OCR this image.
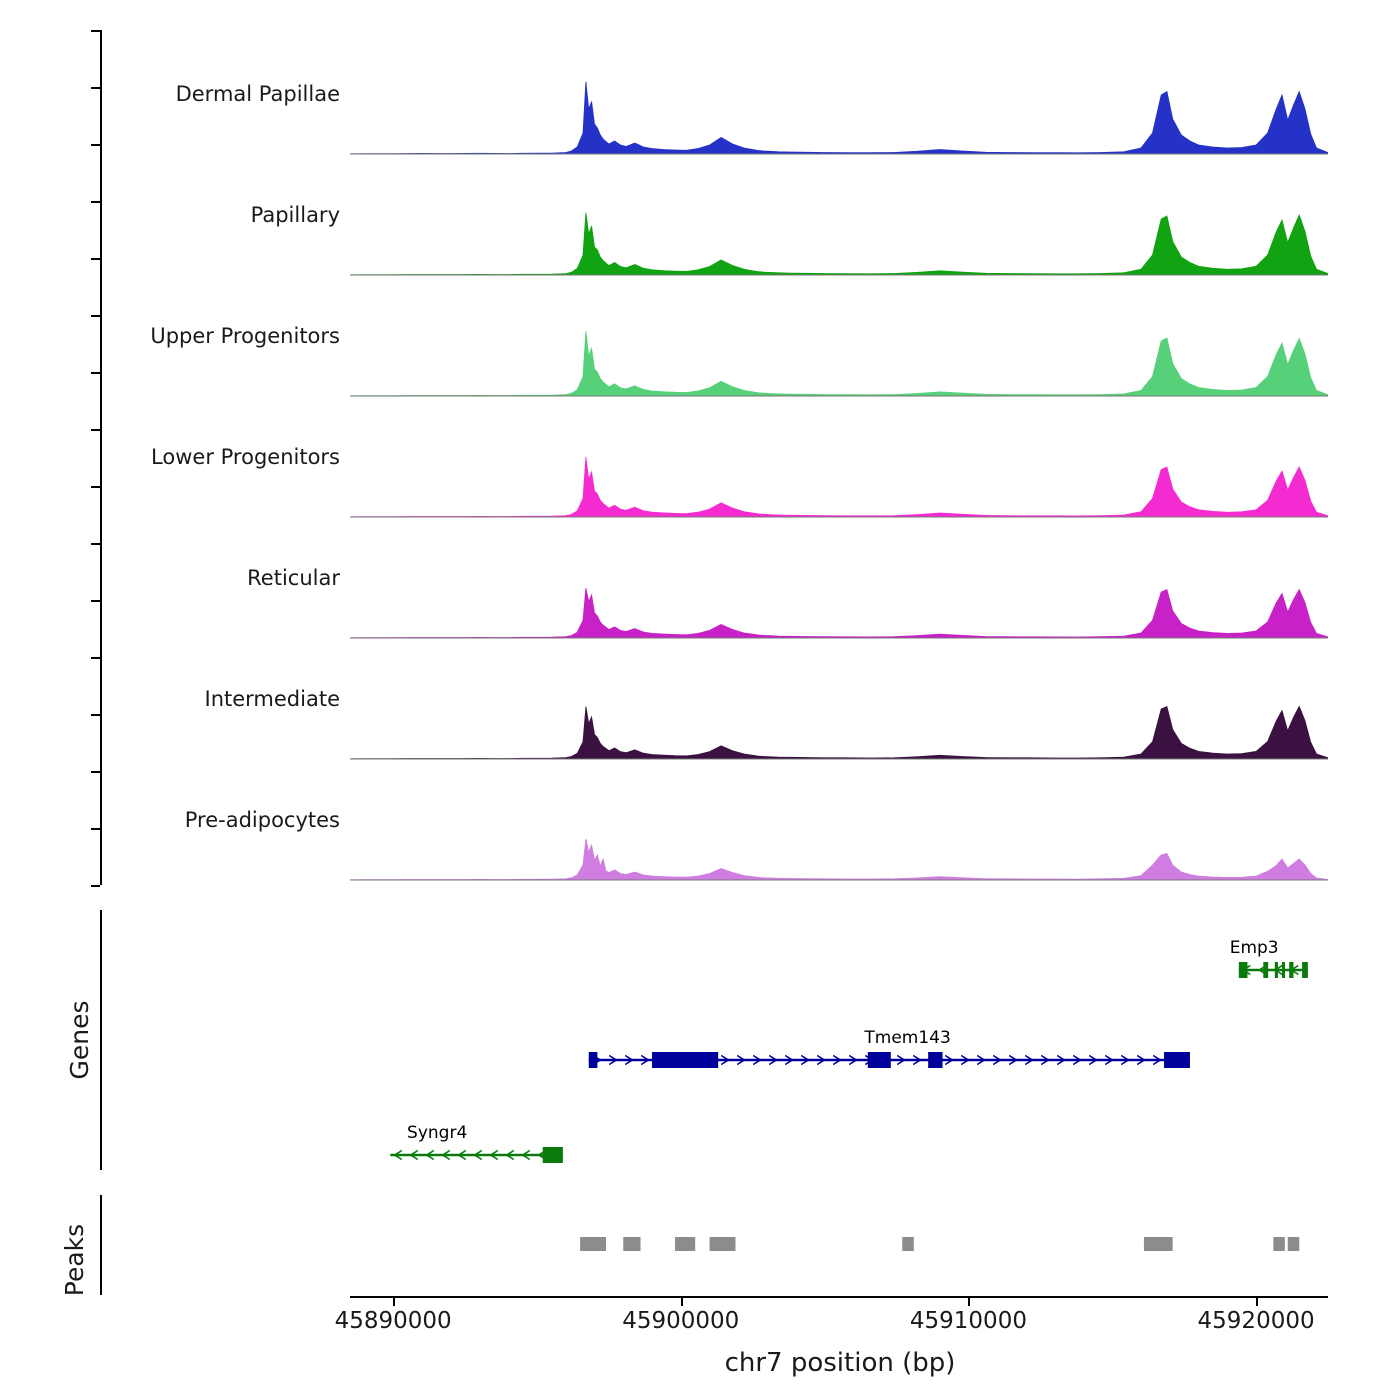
Genes
Peaks
Dermal Papillae
Papillary
Upper Progenitors
Lower Progenitors
Reticular
Intermediate
Pre-adipocytes
Emp3
Tmem143
Syngr4
45890000	45900000	45910000	45920000
chr7 position (bp)
